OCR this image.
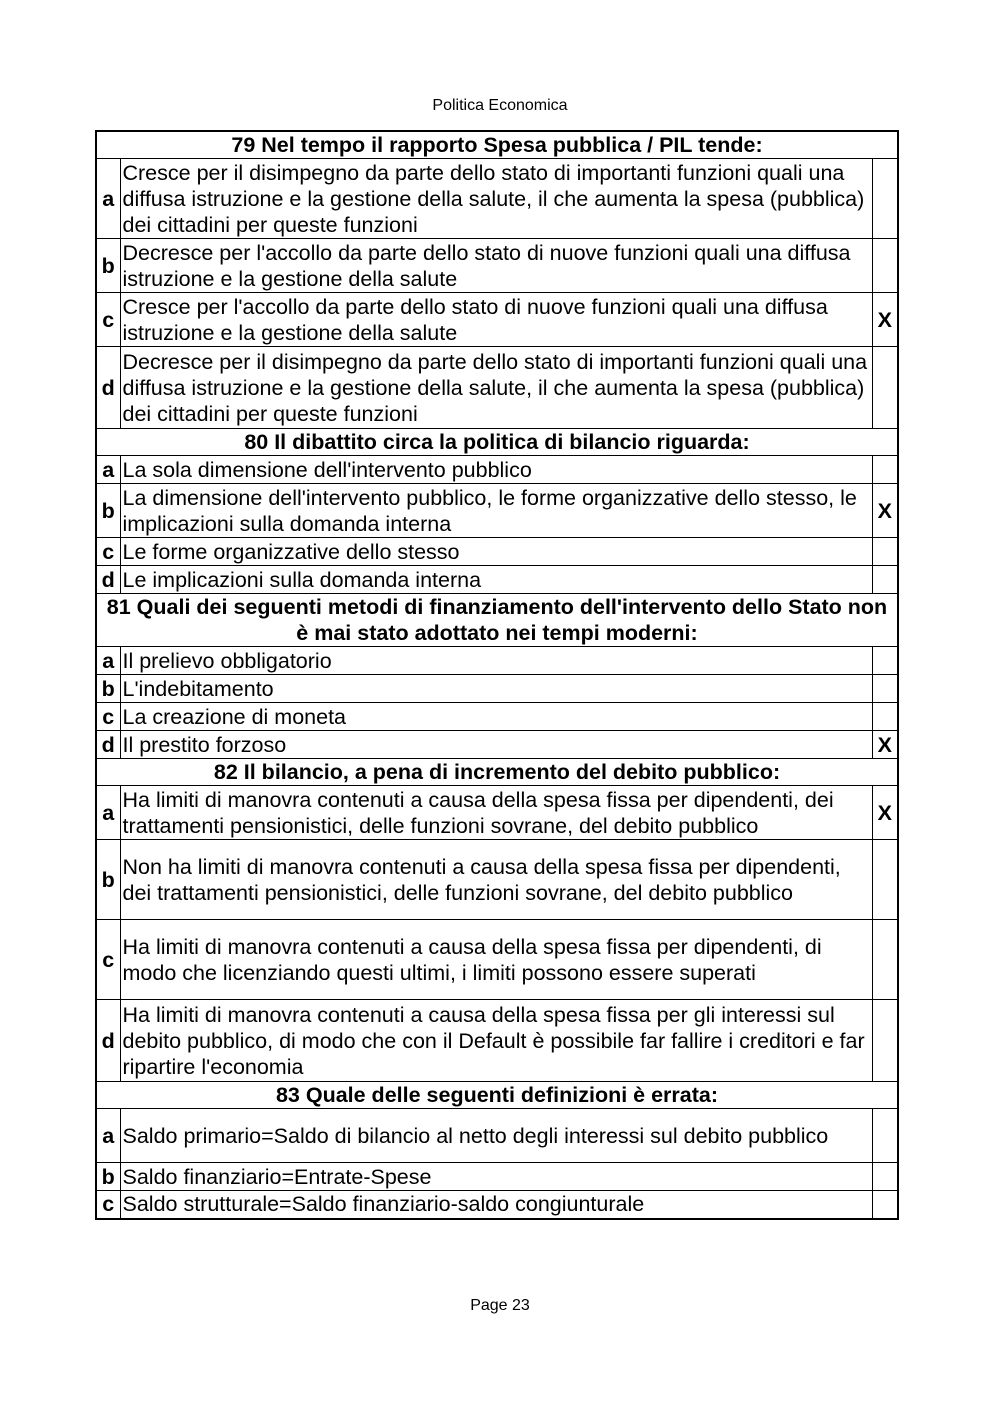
Politica Economica
79 Nel tempo il rapporto Spesa pubblica / PIL tende:		
a	Cresce per il disimpegno da parte dello stato di importanti funzioni quali una diffusa istruzione e la gestione della salute, il che aumenta la spesa (pubblica) dei cittadini per queste funzioni	
b	Decresce per l'accollo da parte dello stato di nuove funzioni quali una diffusa istruzione e la gestione della salute	
c	Cresce per l'accollo da parte dello stato di nuove funzioni quali una diffusa istruzione e la gestione della salute	X
d	Decresce per il disimpegno da parte dello stato di importanti funzioni quali una diffusa istruzione e la gestione della salute, il che aumenta la spesa (pubblica) dei cittadini per queste funzioni	
80 Il dibattito circa la politica di bilancio riguarda:		
a	La sola dimensione dell'intervento pubblico	
b	La dimensione dell'intervento pubblico, le forme organizzative dello stesso, le implicazioni sulla domanda interna	X
c	Le forme organizzative dello stesso	
d	Le implicazioni sulla domanda interna	
81 Quali dei seguenti metodi di finanziamento dell'intervento dello Stato non è mai stato adottato nei tempi moderni:		
a	Il prelievo obbligatorio	
b	L'indebitamento	
c	La creazione di moneta	
d	Il prestito forzoso	X
82 Il bilancio, a pena di incremento del debito pubblico:		
a	Ha limiti di manovra contenuti a causa della spesa fissa per dipendenti, dei trattamenti pensionistici, delle funzioni sovrane, del debito pubblico	X
b	Non ha limiti di manovra contenuti a causa della spesa fissa per dipendenti, dei trattamenti pensionistici, delle funzioni sovrane, del debito pubblico	
c	Ha limiti di manovra contenuti a causa della spesa fissa per dipendenti, di modo che licenziando questi ultimi, i limiti possono essere superati	
d	Ha limiti di manovra contenuti a causa della spesa fissa per gli interessi sul debito pubblico, di modo che con il Default è possibile far fallire i creditori e far ripartire l'economia	
83 Quale delle seguenti definizioni è errata:		
a	Saldo primario=Saldo di bilancio al netto degli interessi sul debito pubblico	
b	Saldo finanziario=Entrate-Spese	
c	Saldo strutturale=Saldo finanziario-saldo congiunturale	
Page 23
